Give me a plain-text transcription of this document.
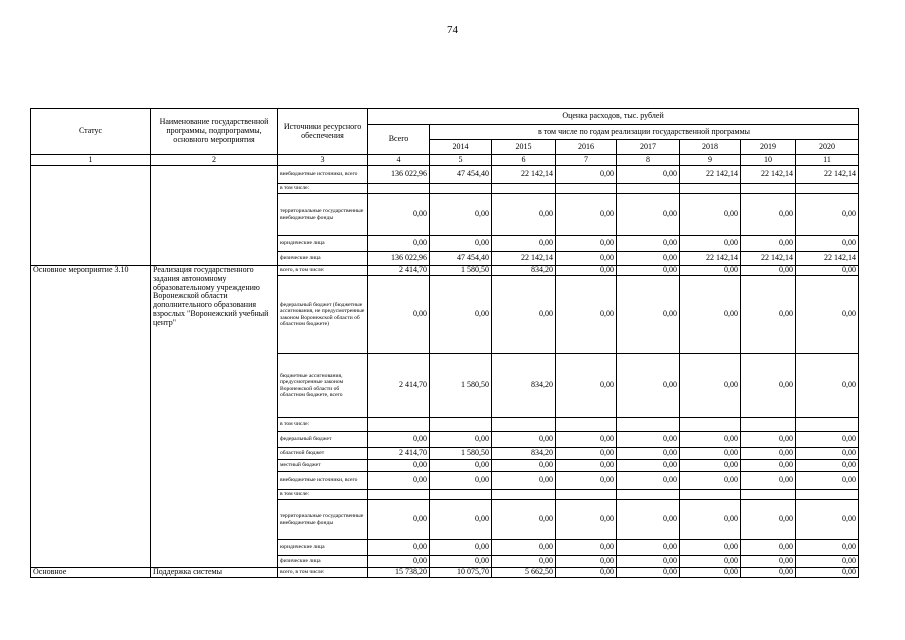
74
Статус	Наименование государственной программы, подпрограммы, основного мероприятия	Источники ресурсного обеспечения	Оценка расходов, тыс. рублей							
			Всего	в том числе по годам реализации государственной программы						
				2014	2015	2016	2017	2018	2019	2020
1	2	3	4	5	6	7	8	9	10	11
		внебюджетные источники, всего	136 022,96	47 454,40	22 142,14	0,00	0,00	22 142,14	22 142,14	22 142,14
		в том числе:								
		территориальные государственные внебюджетные фонды	0,00	0,00	0,00	0,00	0,00	0,00	0,00	0,00
		юридические лица	0,00	0,00	0,00	0,00	0,00	0,00	0,00	0,00
		физические лица	136 022,96	47 454,40	22 142,14	0,00	0,00	22 142,14	22 142,14	22 142,14
Основное мероприятие 3.10	Реализация государственного задания автономному образовательному учреждению Воронежской области дополнительного образования взрослых "Воронежский учебный центр"	всего, в том числе:	2 414,70	1 580,50	834,20	0,00	0,00	0,00	0,00	0,00
		федеральный бюджет (бюджетные ассигнования, не предусмотренные законом Воронежской области об областном бюджете)	0,00	0,00	0,00	0,00	0,00	0,00	0,00	0,00
		бюджетные ассигнования, предусмотренные законом Воронежской области об областном бюджете, всего	2 414,70	1 580,50	834,20	0,00	0,00	0,00	0,00	0,00
		в том числе:								
		федеральный бюджет	0,00	0,00	0,00	0,00	0,00	0,00	0,00	0,00
		областной бюджет	2 414,70	1 580,50	834,20	0,00	0,00	0,00	0,00	0,00
		местный бюджет	0,00	0,00	0,00	0,00	0,00	0,00	0,00	0,00
		внебюджетные источники, всего	0,00	0,00	0,00	0,00	0,00	0,00	0,00	0,00
		в том числе:								
		территориальные государственные внебюджетные фонды	0,00	0,00	0,00	0,00	0,00	0,00	0,00	0,00
		юридические лица	0,00	0,00	0,00	0,00	0,00	0,00	0,00	0,00
		физические лица	0,00	0,00	0,00	0,00	0,00	0,00	0,00	0,00
Основное	Поддержка системы	всего, в том числе:	15 738,20	10 075,70	5 662,50	0,00	0,00	0,00	0,00	0,00
